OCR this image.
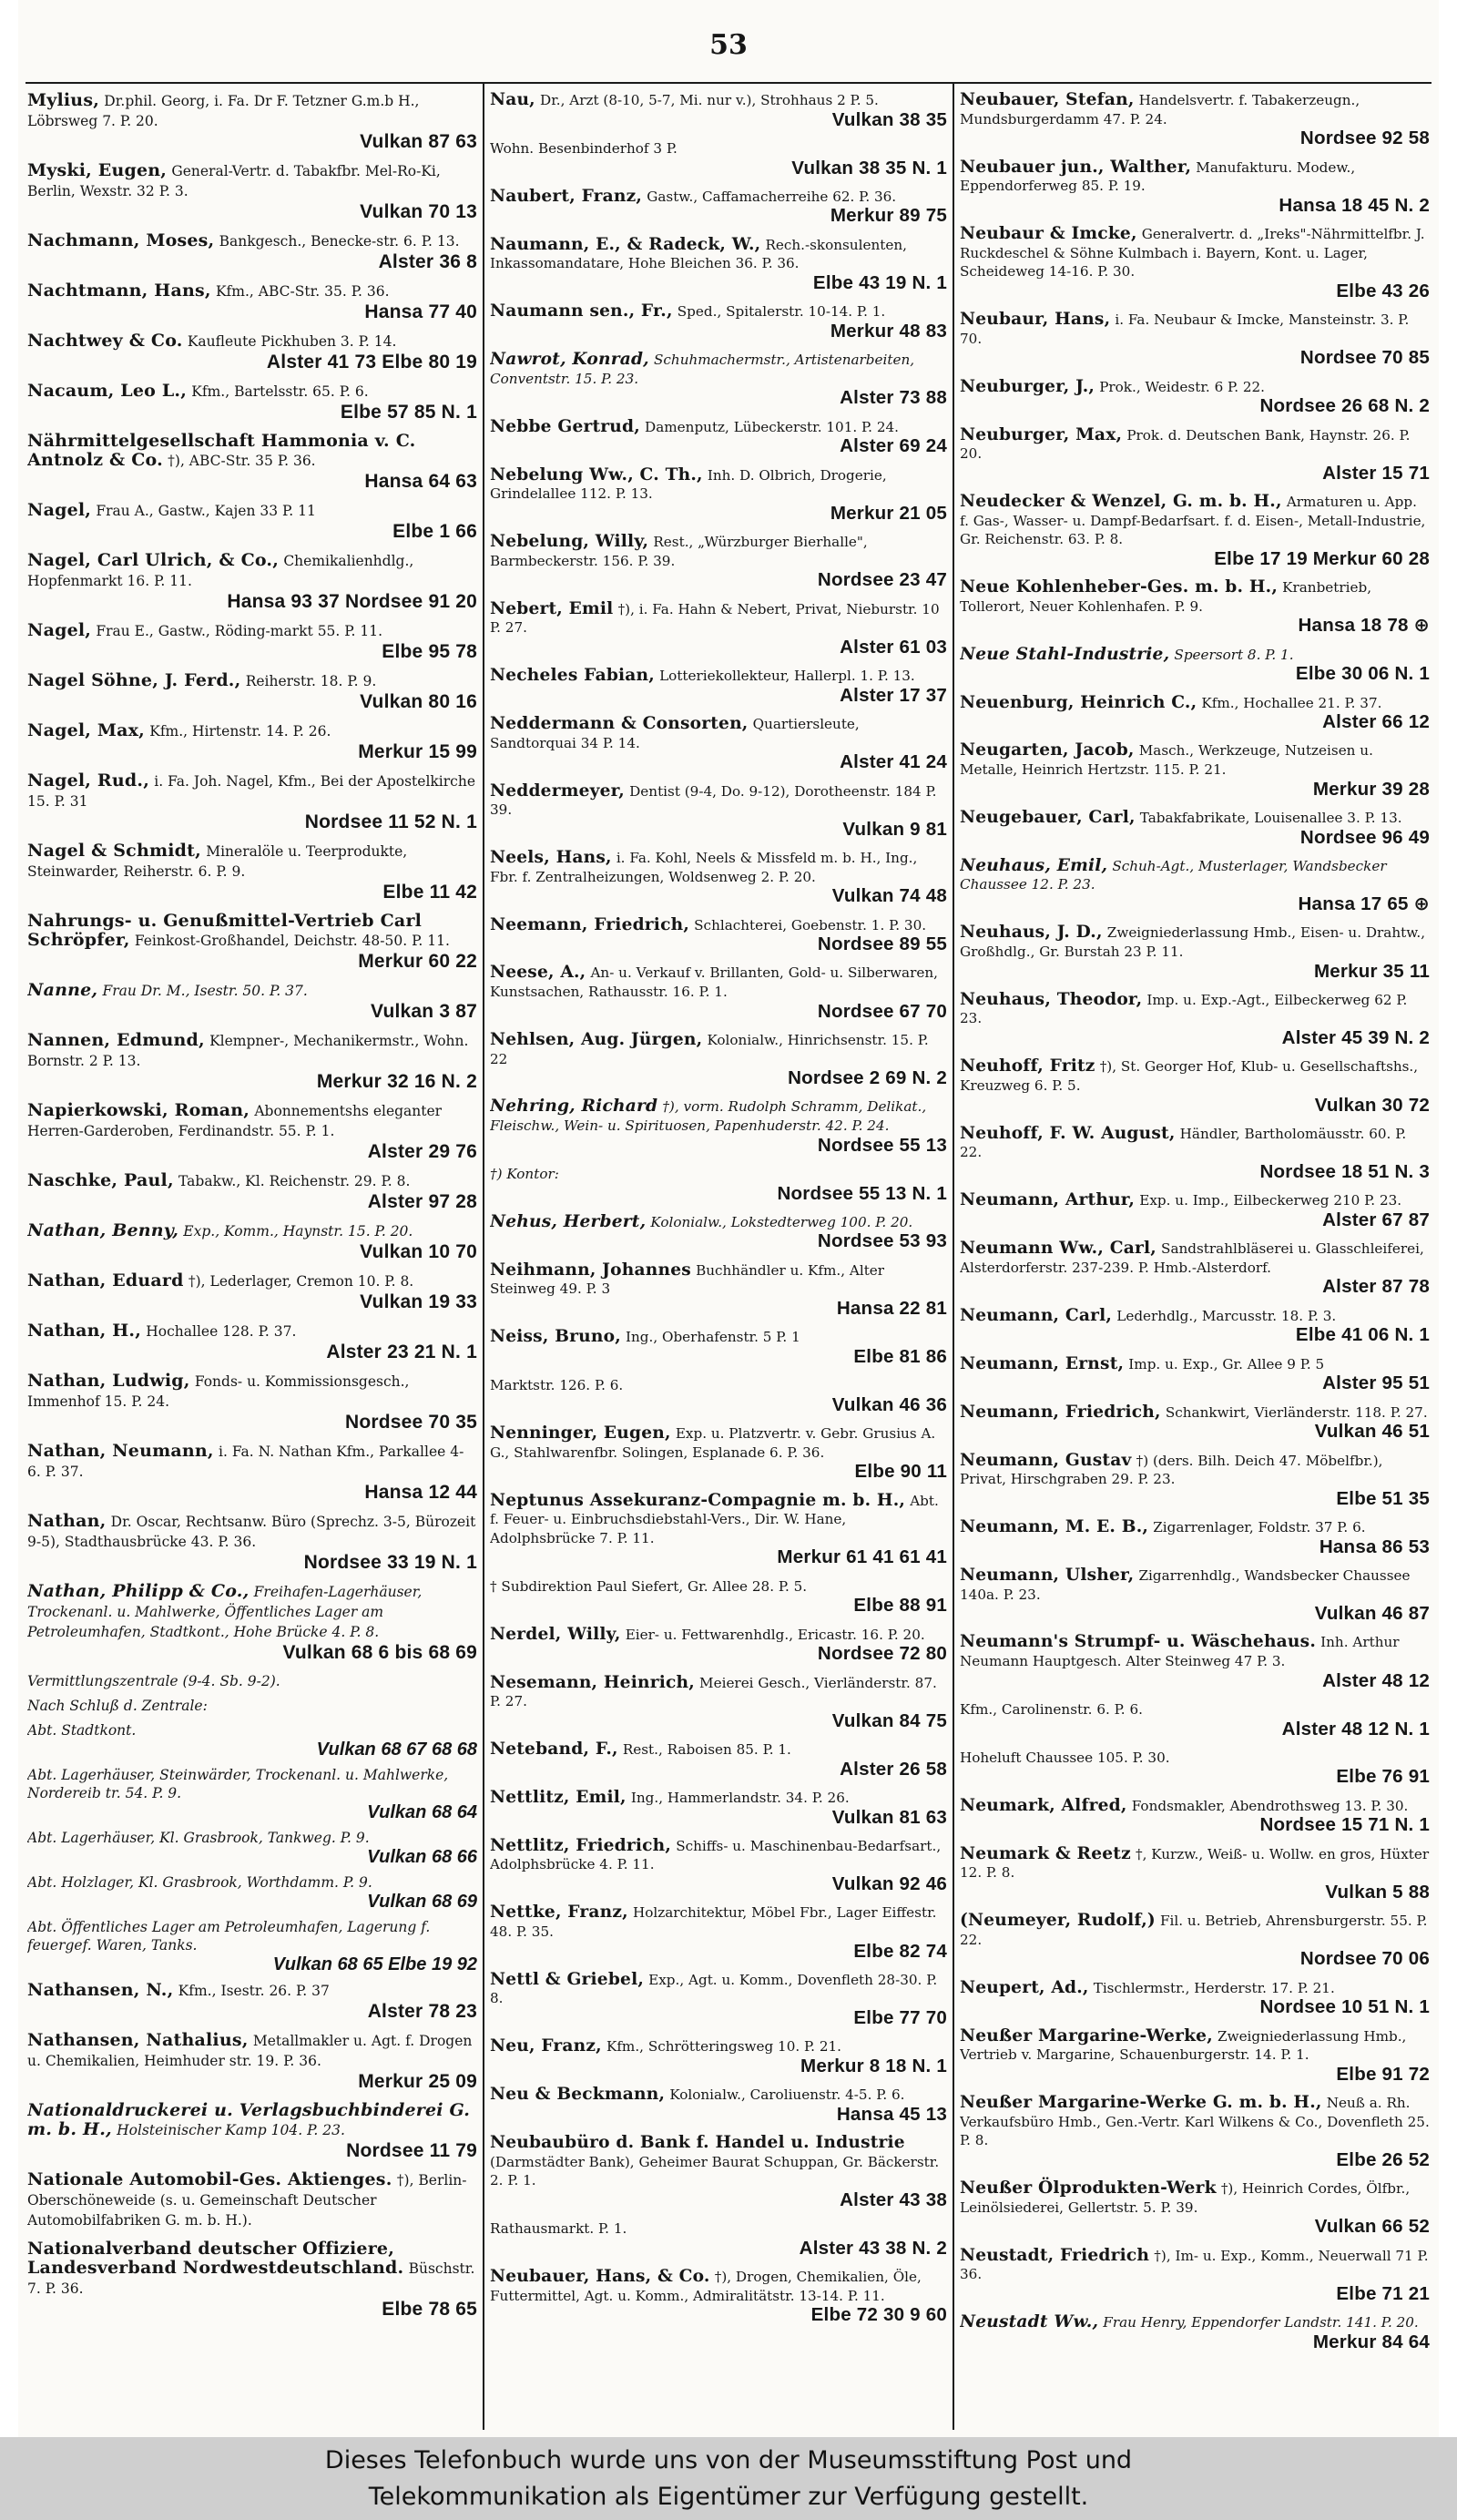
53
Mylius, Dr.phil. Georg, i. Fa. Dr F. Tetzner G.m.b H., Löbrsweg 7. P. 20.
Vulkan 87 63
Myski, Eugen, General-Vertr. d. Tabakfbr. Mel-Ro-Ki, Berlin, Wexstr. 32 P. 3.
Vulkan 70 13
Nachmann, Moses, Bankgesch., Benecke-str. 6. P. 13.
Alster 36 8
Nachtmann, Hans, Kfm., ABC-Str. 35. P. 36.
Hansa 77 40
Nachtwey & Co. Kaufleute Pickhuben 3. P. 14.
Alster 41 73 Elbe 80 19
Nacaum, Leo L., Kfm., Bartelsstr. 65. P. 6.
Elbe 57 85 N. 1
Nährmittelgesellschaft Hammonia v. C. Antnolz & Co. †), ABC-Str. 35 P. 36.
Hansa 64 63
Nagel, Frau A., Gastw., Kajen 33 P. 11
Elbe 1 66
Nagel, Carl Ulrich, & Co., Chemikalienhdlg., Hopfenmarkt 16. P. 11.
Hansa 93 37 Nordsee 91 20
Nagel, Frau E., Gastw., Röding-markt 55. P. 11.
Elbe 95 78
Nagel Söhne, J. Ferd., Reiherstr. 18. P. 9.
Vulkan 80 16
Nagel, Max, Kfm., Hirtenstr. 14. P. 26.
Merkur 15 99
Nagel, Rud., i. Fa. Joh. Nagel, Kfm., Bei der Apostelkirche 15. P. 31
Nordsee 11 52 N. 1
Nagel & Schmidt, Mineralöle u. Teerprodukte, Steinwarder, Reiherstr. 6. P. 9.
Elbe 11 42
Nahrungs- u. Genußmittel-Vertrieb Carl Schröpfer, Feinkost-Großhandel, Deichstr. 48-50. P. 11.
Merkur 60 22
Nanne, Frau Dr. M., Isestr. 50. P. 37.
Vulkan 3 87
Nannen, Edmund, Klempner-, Mechanikermstr., Wohn. Bornstr. 2 P. 13.
Merkur 32 16 N. 2
Napierkowski, Roman, Abonnementshs eleganter Herren-Garderoben, Ferdinandstr. 55. P. 1.
Alster 29 76
Naschke, Paul, Tabakw., Kl. Reichenstr. 29. P. 8.
Alster 97 28
Nathan, Benny, Exp., Komm., Haynstr. 15. P. 20.
Vulkan 10 70
Nathan, Eduard †), Lederlager, Cremon 10. P. 8.
Vulkan 19 33
Nathan, H., Hochallee 128. P. 37.
Alster 23 21 N. 1
Nathan, Ludwig, Fonds- u. Kommissionsgesch., Immenhof 15. P. 24.
Nordsee 70 35
Nathan, Neumann, i. Fa. N. Nathan Kfm., Parkallee 4-6. P. 37.
Hansa 12 44
Nathan, Dr. Oscar, Rechtsanw. Büro (Sprechz. 3-5, Bürozeit 9-5), Stadthausbrücke 43. P. 36.
Nordsee 33 19 N. 1
Nathan, Philipp & Co., Freihafen-Lagerhäuser, Trockenanl. u. Mahlwerke, Öffentliches Lager am Petroleumhafen, Stadtkont., Hohe Brücke 4. P. 8.
Vulkan 68 6 bis 68 69
Vermittlungszentrale (9-4. Sb. 9-2).
Nach Schluß d. Zentrale:
Abt. Stadtkont.
Vulkan 68 67 68 68
Abt. Lagerhäuser, Steinwärder, Trockenanl. u. Mahlwerke, Nordereib tr. 54. P. 9.
Vulkan 68 64
Abt. Lagerhäuser, Kl. Grasbrook, Tankweg. P. 9.
Vulkan 68 66
Abt. Holzlager, Kl. Grasbrook, Worthdamm. P. 9.
Vulkan 68 69
Abt. Öffentliches Lager am Petroleumhafen, Lagerung f. feuergef. Waren, Tanks.
Vulkan 68 65 Elbe 19 92
Nathansen, N., Kfm., Isestr. 26. P. 37
Alster 78 23
Nathansen, Nathalius, Metallmakler u. Agt. f. Drogen u. Chemikalien, Heimhuder str. 19. P. 36.
Merkur 25 09
Nationaldruckerei u. Verlagsbuchbinderei G. m. b. H., Holsteinischer Kamp 104. P. 23.
Nordsee 11 79
Nationale Automobil-Ges. Aktienges. †), Berlin-Oberschöneweide (s. u. Gemeinschaft Deutscher Automobilfabriken G. m. b. H.).
Nationalverband deutscher Offiziere, Landesverband Nordwestdeutschland. Büschstr. 7. P. 36.
Elbe 78 65
Nau, Dr., Arzt (8-10, 5-7, Mi. nur v.), Strohhaus 2 P. 5.
Vulkan 38 35
Wohn. Besenbinderhof 3 P.
Vulkan 38 35 N. 1
Naubert, Franz, Gastw., Caffamacherreihe 62. P. 36.
Merkur 89 75
Naumann, E., & Radeck, W., Rech.-skonsulenten, Inkassomandatare, Hohe Bleichen 36. P. 36.
Elbe 43 19 N. 1
Naumann sen., Fr., Sped., Spitalerstr. 10-14. P. 1.
Merkur 48 83
Nawrot, Konrad, Schuhmachermstr., Artistenarbeiten, Conventstr. 15. P. 23.
Alster 73 88
Nebbe Gertrud, Damenputz, Lübeckerstr. 101. P. 24.
Alster 69 24
Nebelung Ww., C. Th., Inh. D. Olbrich, Drogerie, Grindelallee 112. P. 13.
Merkur 21 05
Nebelung, Willy, Rest., „Würzburger Bierhalle", Barmbeckerstr. 156. P. 39.
Nordsee 23 47
Nebert, Emil †), i. Fa. Hahn & Nebert, Privat, Nieburstr. 10 P. 27.
Alster 61 03
Necheles Fabian, Lotteriekollekteur, Hallerpl. 1. P. 13.
Alster 17 37
Neddermann & Consorten, Quartiersleute, Sandtorquai 34 P. 14.
Alster 41 24
Neddermeyer, Dentist (9-4, Do. 9-12), Dorotheenstr. 184 P. 39.
Vulkan 9 81
Neels, Hans, i. Fa. Kohl, Neels & Missfeld m. b. H., Ing., Fbr. f. Zentralheizungen, Woldsenweg 2. P. 20.
Vulkan 74 48
Neemann, Friedrich, Schlachterei, Goebenstr. 1. P. 30.
Nordsee 89 55
Neese, A., An- u. Verkauf v. Brillanten, Gold- u. Silberwaren, Kunstsachen, Rathausstr. 16. P. 1.
Nordsee 67 70
Nehlsen, Aug. Jürgen, Kolonialw., Hinrichsenstr. 15. P. 22
Nordsee 2 69 N. 2
Nehring, Richard †), vorm. Rudolph Schramm, Delikat., Fleischw., Wein- u. Spirituosen, Papenhuderstr. 42. P. 24.
Nordsee 55 13
†) Kontor:
Nordsee 55 13 N. 1
Nehus, Herbert, Kolonialw., Lokstedterweg 100. P. 20.
Nordsee 53 93
Neihmann, Johannes Buchhändler u. Kfm., Alter Steinweg 49. P. 3
Hansa 22 81
Neiss, Bruno, Ing., Oberhafenstr. 5 P. 1
Elbe 81 86
Marktstr. 126. P. 6.
Vulkan 46 36
Nenninger, Eugen, Exp. u. Platzvertr. v. Gebr. Grusius A. G., Stahlwarenfbr. Solingen, Esplanade 6. P. 36.
Elbe 90 11
Neptunus Assekuranz-Compagnie m. b. H., Abt. f. Feuer- u. Einbruchsdiebstahl-Vers., Dir. W. Hane, Adolphsbrücke 7. P. 11.
Merkur 61 41 61 41
† Subdirektion Paul Siefert, Gr. Allee 28. P. 5.
Elbe 88 91
Nerdel, Willy, Eier- u. Fettwarenhdlg., Ericastr. 16. P. 20.
Nordsee 72 80
Nesemann, Heinrich, Meierei Gesch., Vierländerstr. 87. P. 27.
Vulkan 84 75
Neteband, F., Rest., Raboisen 85. P. 1.
Alster 26 58
Nettlitz, Emil, Ing., Hammerlandstr. 34. P. 26.
Vulkan 81 63
Nettlitz, Friedrich, Schiffs- u. Maschinenbau-Bedarfsart., Adolphsbrücke 4. P. 11.
Vulkan 92 46
Nettke, Franz, Holzarchitektur, Möbel Fbr., Lager Eiffestr. 48. P. 35.
Elbe 82 74
Nettl & Griebel, Exp., Agt. u. Komm., Dovenfleth 28-30. P. 8.
Elbe 77 70
Neu, Franz, Kfm., Schrötteringsweg 10. P. 21.
Merkur 8 18 N. 1
Neu & Beckmann, Kolonialw., Caroliuenstr. 4-5. P. 6.
Hansa 45 13
Neubaubüro d. Bank f. Handel u. Industrie (Darmstädter Bank), Geheimer Baurat Schuppan, Gr. Bäckerstr. 2. P. 1.
Alster 43 38
Rathausmarkt. P. 1.
Alster 43 38 N. 2
Neubauer, Hans, & Co. †), Drogen, Chemikalien, Öle, Futtermittel, Agt. u. Komm., Admiralitätstr. 13-14. P. 11.
Elbe 72 30 9 60
Neubauer, Stefan, Handelsvertr. f. Tabakerzeugn., Mundsburgerdamm 47. P. 24.
Nordsee 92 58
Neubauer jun., Walther, Manufakturu. Modew., Eppendorferweg 85. P. 19.
Hansa 18 45 N. 2
Neubaur & Imcke, Generalvertr. d. „Ireks"-Nährmittelfbr. J. Ruckdeschel & Söhne Kulmbach i. Bayern, Kont. u. Lager, Scheideweg 14-16. P. 30.
Elbe 43 26
Neubaur, Hans, i. Fa. Neubaur & Imcke, Mansteinstr. 3. P. 70.
Nordsee 70 85
Neuburger, J., Prok., Weidestr. 6 P. 22.
Nordsee 26 68 N. 2
Neuburger, Max, Prok. d. Deutschen Bank, Haynstr. 26. P. 20.
Alster 15 71
Neudecker & Wenzel, G. m. b. H., Armaturen u. App. f. Gas-, Wasser- u. Dampf-Bedarfsart. f. d. Eisen-, Metall-Industrie, Gr. Reichenstr. 63. P. 8.
Elbe 17 19 Merkur 60 28
Neue Kohlenheber-Ges. m. b. H., Kranbetrieb, Tollerort, Neuer Kohlenhafen. P. 9.
Hansa 18 78 ⊕
Neue Stahl-Industrie, Speersort 8. P. 1.
Elbe 30 06 N. 1
Neuenburg, Heinrich C., Kfm., Hochallee 21. P. 37.
Alster 66 12
Neugarten, Jacob, Masch., Werkzeuge, Nutzeisen u. Metalle, Heinrich Hertzstr. 115. P. 21.
Merkur 39 28
Neugebauer, Carl, Tabakfabrikate, Louisenallee 3. P. 13.
Nordsee 96 49
Neuhaus, Emil, Schuh-Agt., Musterlager, Wandsbecker Chaussee 12. P. 23.
Hansa 17 65 ⊕
Neuhaus, J. D., Zweigniederlassung Hmb., Eisen- u. Drahtw., Großhdlg., Gr. Burstah 23 P. 11.
Merkur 35 11
Neuhaus, Theodor, Imp. u. Exp.-Agt., Eilbeckerweg 62 P. 23.
Alster 45 39 N. 2
Neuhoff, Fritz †), St. Georger Hof, Klub- u. Gesellschaftshs., Kreuzweg 6. P. 5.
Vulkan 30 72
Neuhoff, F. W. August, Händler, Bartholomäusstr. 60. P. 22.
Nordsee 18 51 N. 3
Neumann, Arthur, Exp. u. Imp., Eilbeckerweg 210 P. 23.
Alster 67 87
Neumann Ww., Carl, Sandstrahlbläserei u. Glasschleiferei, Alsterdorferstr. 237-239. P. Hmb.-Alsterdorf.
Alster 87 78
Neumann, Carl, Lederhdlg., Marcusstr. 18. P. 3.
Elbe 41 06 N. 1
Neumann, Ernst, Imp. u. Exp., Gr. Allee 9 P. 5
Alster 95 51
Neumann, Friedrich, Schankwirt, Vierländerstr. 118. P. 27.
Vulkan 46 51
Neumann, Gustav †) (ders. Bilh. Deich 47. Möbelfbr.), Privat, Hirschgraben 29. P. 23.
Elbe 51 35
Neumann, M. E. B., Zigarrenlager, Foldstr. 37 P. 6.
Hansa 86 53
Neumann, Ulsher, Zigarrenhdlg., Wandsbecker Chaussee 140a. P. 23.
Vulkan 46 87
Neumann's Strumpf- u. Wäschehaus. Inh. Arthur Neumann Hauptgesch. Alter Steinweg 47 P. 3.
Alster 48 12
Kfm., Carolinenstr. 6. P. 6.
Alster 48 12 N. 1
Hoheluft Chaussee 105. P. 30.
Elbe 76 91
Neumark, Alfred, Fondsmakler, Abendrothsweg 13. P. 30.
Nordsee 15 71 N. 1
Neumark & Reetz †, Kurzw., Weiß- u. Wollw. en gros, Hüxter 12. P. 8.
Vulkan 5 88
(Neumeyer, Rudolf,) Fil. u. Betrieb, Ahrensburgerstr. 55. P. 22.
Nordsee 70 06
Neupert, Ad., Tischlermstr., Herderstr. 17. P. 21.
Nordsee 10 51 N. 1
Neußer Margarine-Werke, Zweigniederlassung Hmb., Vertrieb v. Margarine, Schauenburgerstr. 14. P. 1.
Elbe 91 72
Neußer Margarine-Werke G. m. b. H., Neuß a. Rh. Verkaufsbüro Hmb., Gen.-Vertr. Karl Wilkens & Co., Dovenfleth 25. P. 8.
Elbe 26 52
Neußer Ölprodukten-Werk †), Heinrich Cordes, Ölfbr., Leinölsiederei, Gellertstr. 5. P. 39.
Vulkan 66 52
Neustadt, Friedrich †), Im- u. Exp., Komm., Neuerwall 71 P. 36.
Elbe 71 21
Neustadt Ww., Frau Henry, Eppendorfer Landstr. 141. P. 20.
Merkur 84 64
Dieses Telefonbuch wurde uns von der Museumsstiftung Post und
Telekommunikation als Eigentümer zur Verfügung gestellt.
